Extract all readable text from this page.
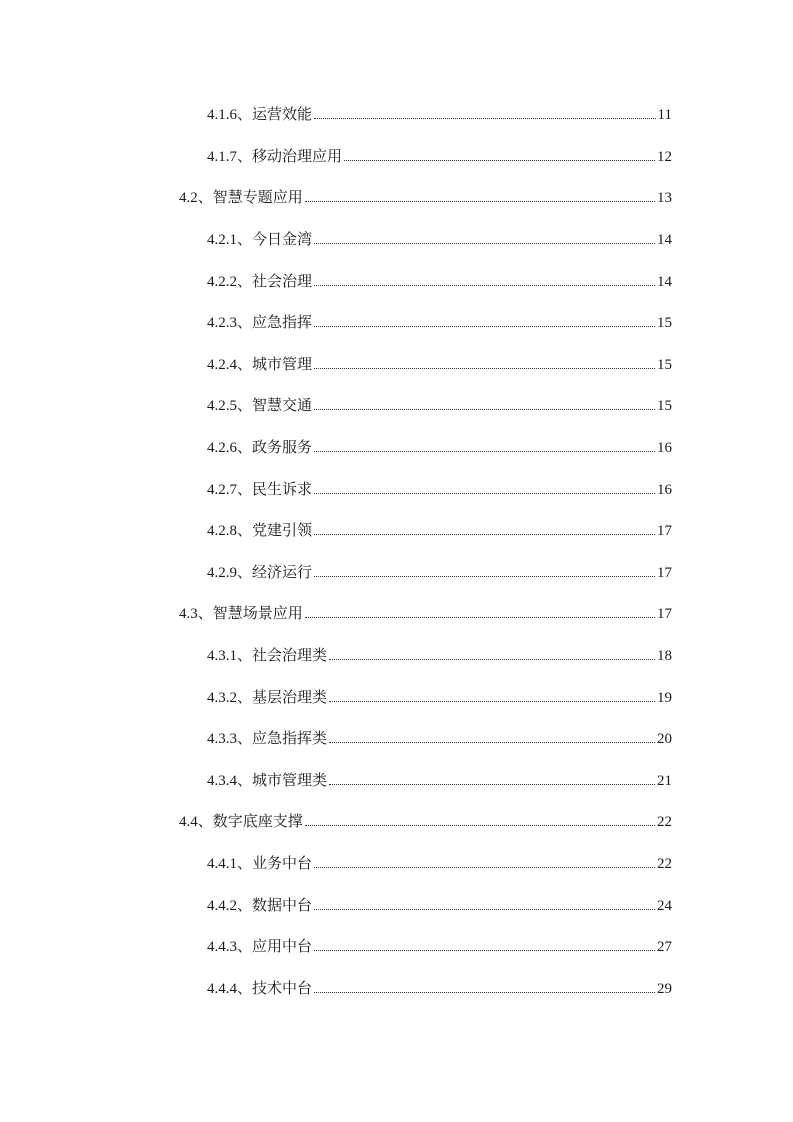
4.1.6、运营效能	11
4.1.7、移动治理应用	12
4.2、智慧专题应用	13
4.2.1、今日金湾	14
4.2.2、社会治理	14
4.2.3、应急指挥	15
4.2.4、城市管理	15
4.2.5、智慧交通	15
4.2.6、政务服务	16
4.2.7、民生诉求	16
4.2.8、党建引领	17
4.2.9、经济运行	17
4.3、智慧场景应用	17
4.3.1、社会治理类	18
4.3.2、基层治理类	19
4.3.3、应急指挥类	20
4.3.4、城市管理类	21
4.4、数字底座支撑	22
4.4.1、业务中台	22
4.4.2、数据中台	24
4.4.3、应用中台	27
4.4.4、技术中台	29
